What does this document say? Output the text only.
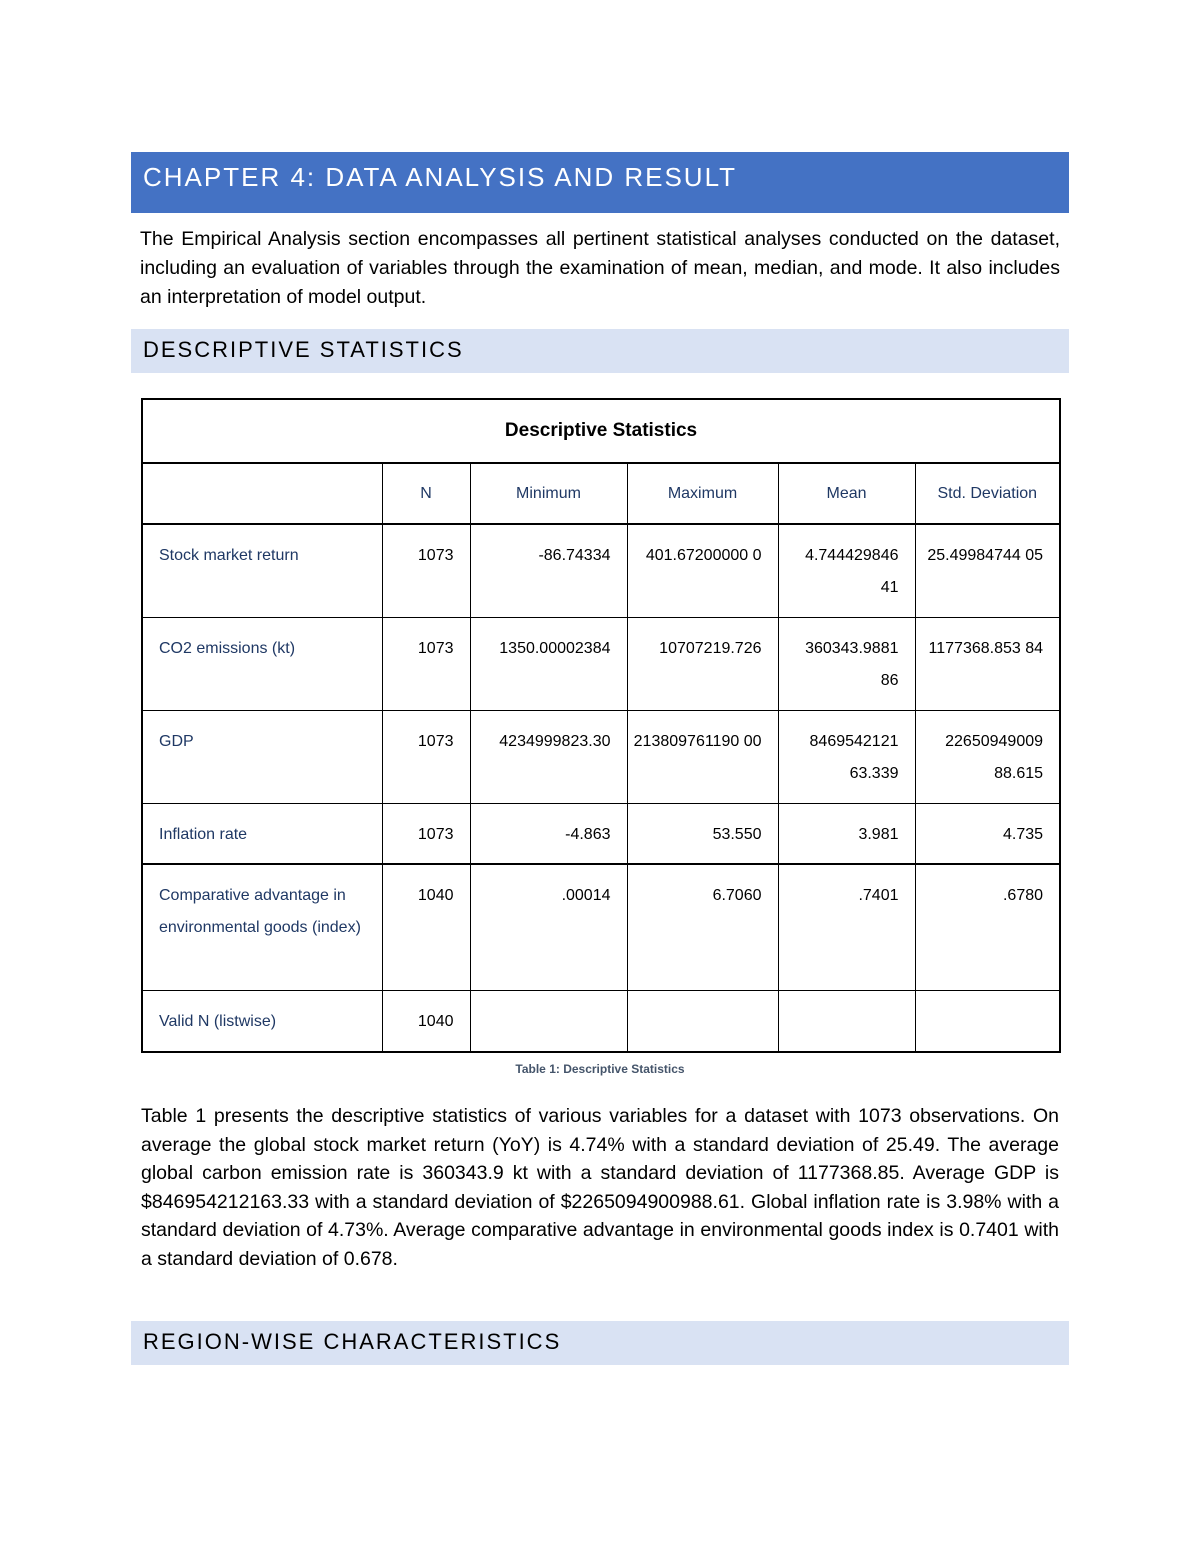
CHAPTER 4: DATA ANALYSIS AND RESULT

The Empirical Analysis section encompasses all pertinent statistical analyses conducted on the dataset, including an evaluation of variables through the examination of mean, median, and mode. It also includes an interpretation of model output.

DESCRIPTIVE STATISTICS
Descriptive Statistics					
	N	Minimum	Maximum	Mean	Std. Deviation
Stock market return	1073	-86.74334	401.67200000 0	4.744429846 41	25.49984744 05
CO2 emissions (kt)	1073	1350.00002384	10707219.726	360343.9881 86	1177368.853 84
GDP	1073	4234999823.30	213809761190 00	8469542121 63.339	22650949009 88.615
Inflation rate	1073	-4.863	53.550	3.981	4.735
Comparative advantage in environmental goods (index)	1040	.00014	6.7060	.7401	.6780
Valid N (listwise)	1040				

Table 1: Descriptive Statistics

Table 1 presents the descriptive statistics of various variables for a dataset with 1073 observations. On average the global stock market return (YoY) is 4.74% with a standard deviation of 25.49. The average global carbon emission rate is 360343.9 kt with a standard deviation of 1177368.85. Average GDP is $846954212163.33 with a standard deviation of $2265094900988.61. Global inflation rate is 3.98% with a standard deviation of 4.73%. Average comparative advantage in environmental goods index is 0.7401 with a standard deviation of 0.678.

REGION-WISE CHARACTERISTICS
